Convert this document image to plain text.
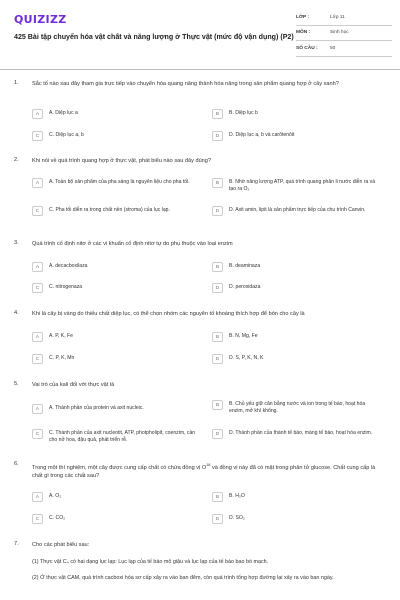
QUIZIZZ
425 Bài tập chuyển hóa vật chất và năng lượng ở Thực vật (mức độ vận dụng) (P2)
LỚP :	Lớp 11
MÔN :	Sinh học
SỐ CÂU :	50
1. Sắc tố nào sau đây tham gia trực tiếp vào chuyển hóa quang năng thành hóa năng trong sản phẩm quang hợp ở cây xanh?
A	A. Diệp lục a	B	B. Diệp lục b
C	C. Diệp lục a, b	D	D. Diệp lục a, b và carôtenôit
2. Khi nói về quá trình quang hợp ở thực vật, phát biểu nào sau đây đúng?
A	A. Toàn bộ sản phẩm của pha sáng là nguyên liệu cho pha tối.	B	B. Nhờ năng lượng ATP, quá trình quang phân li nước diễn ra và tạo ra O₂
C	C. Pha tối diễn ra trong chất nền (stroma) của lục lạp.	D	D. Axit amin, lipit là sản phẩm trực tiếp của chu trình Canvin.
3. Quá trình cố định nitơ ở các vi khuẩn cố định nitơ tự do phụ thuộc vào loại enzim
A	A. decacboxilaza	B	B. deaminaza
C	C. nitrogenaza	D	D. peroxidaza
4. Khi lá cây bị vàng do thiếu chất diệp lục, có thể chọn nhóm các nguyên tố khoáng thích hợp để bón cho cây là
A	A. P, K, Fe	B	B. N, Mg, Fe
C	C. P, K, Mn	D	D. S, P, K, N, K
5. Vai trò của kali đối với thực vật là
A	A. Thành phần của protein và axit nucleic.	B	B. Chủ yếu giữ cân bằng nước và ion trong tế bào, hoạt hóa enzim, mở khí khổng.
C	C. Thành phần của axit nucleotit, ATP, photpholipit, coenzim, cần cho nở hoa, đậu quả, phát triển rễ.
D	D. Thành phần của thành tế bào, màng tế bào, hoạt hóa enzim.
6.
Trong một thí nghiệm, một cây được cung cấp chất có chứa đồng vị $O^{18}$ và đồng vị này đã có mặt trong phân tử glucose. Chất cung cấp là chất gì trong các chất sau?
A	A. O₂	B	B. H₂O
C	C. CO₂	D	D. SO₂
7. Cho các phát biểu sau:
(1) Thực vật C₄ có hai dạng lục lạp: Lục lạp của tế bào mô giậu và lục lạp của tế bào bao bó mạch.
(2) Ở thực vật CAM, quá trình cacboxi hóa sơ cấp xảy ra vào ban đêm, còn quá trình tổng hợp đường lại xảy ra vào ban ngày.
